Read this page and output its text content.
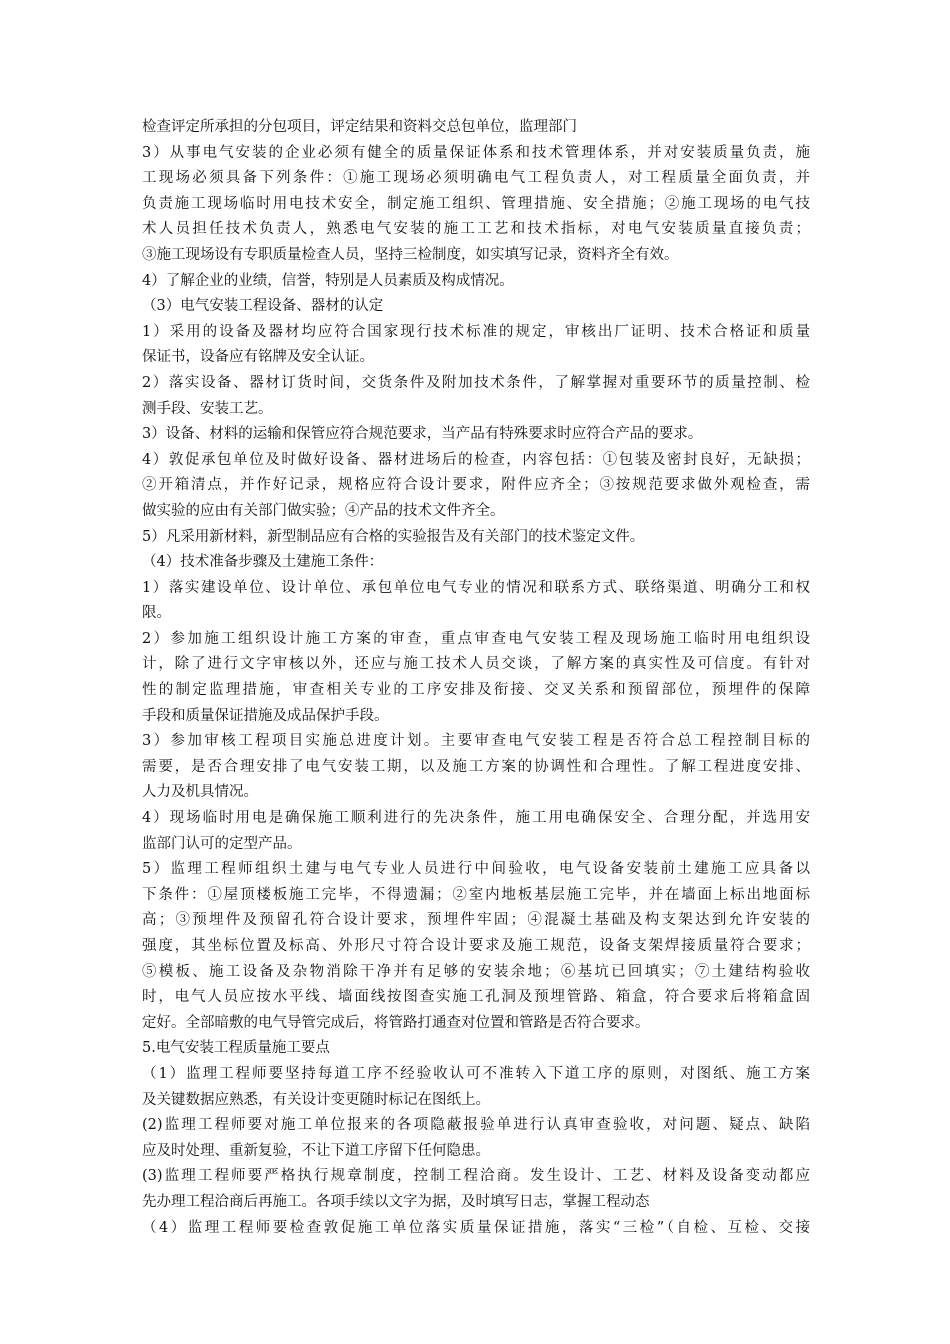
检查评定所承担的分包项目，评定结果和资料交总包单位，监理部门
3）从事电气安装的企业必须有健全的质量保证体系和技术管理体系，并对安装质量负责，施
工现场必须具备下列条件：①施工现场必须明确电气工程负责人，对工程质量全面负责，并
负责施工现场临时用电技术安全，制定施工组织、管理措施、安全措施；②施工现场的电气技
术人员担任技术负责人，熟悉电气安装的施工工艺和技术指标，对电气安装质量直接负责；
③施工现场设有专职质量检查人员，坚持三检制度，如实填写记录，资料齐全有效。
4）了解企业的业绩，信誉，特别是人员素质及构成情况。
（3）电气安装工程设备、器材的认定
1）采用的设备及器材均应符合国家现行技术标准的规定，审核出厂证明、技术合格证和质量
保证书，设备应有铭牌及安全认证。
2）落实设备、器材订货时间，交货条件及附加技术条件，了解掌握对重要环节的质量控制、检
测手段、安装工艺。
3）设备、材料的运输和保管应符合规范要求，当产品有特殊要求时应符合产品的要求。
4）敦促承包单位及时做好设备、器材进场后的检查，内容包括：①包装及密封良好，无缺损；
②开箱清点，并作好记录，规格应符合设计要求，附件应齐全；③按规范要求做外观检查，需
做实验的应由有关部门做实验；④产品的技术文件齐全。
5）凡采用新材料，新型制品应有合格的实验报告及有关部门的技术鉴定文件。
（4）技术准备步骤及土建施工条件：
1）落实建设单位、设计单位、承包单位电气专业的情况和联系方式、联络渠道、明确分工和权
限。
2）参加施工组织设计施工方案的审查，重点审查电气安装工程及现场施工临时用电组织设
计，除了进行文字审核以外，还应与施工技术人员交谈，了解方案的真实性及可信度。有针对
性的制定监理措施，审查相关专业的工序安排及衔接、交叉关系和预留部位，预埋件的保障
手段和质量保证措施及成品保护手段。
3）参加审核工程项目实施总进度计划。主要审查电气安装工程是否符合总工程控制目标的
需要，是否合理安排了电气安装工期，以及施工方案的协调性和合理性。了解工程进度安排、
人力及机具情况。
4）现场临时用电是确保施工顺利进行的先决条件，施工用电确保安全、合理分配，并选用安
监部门认可的定型产品。
5）监理工程师组织土建与电气专业人员进行中间验收，电气设备安装前土建施工应具备以
下条件：①屋顶楼板施工完毕，不得遗漏；②室内地板基层施工完毕，并在墙面上标出地面标
高；③预埋件及预留孔符合设计要求，预埋件牢固；④混凝土基础及构支架达到允许安装的
强度，其坐标位置及标高、外形尺寸符合设计要求及施工规范，设备支架焊接质量符合要求；
⑤模板、施工设备及杂物消除干净并有足够的安装余地；⑥基坑已回填实；⑦土建结构验收
时，电气人员应按水平线、墙面线按图查实施工孔洞及预埋管路、箱盒，符合要求后将箱盒固
定好。全部暗敷的电气导管完成后，将管路打通查对位置和管路是否符合要求。
5.电气安装工程质量施工要点
（1）监理工程师要坚持每道工序不经验收认可不准转入下道工序的原则，对图纸、施工方案
及关键数据应熟悉，有关设计变更随时标记在图纸上。
(2)监理工程师要对施工单位报来的各项隐蔽报验单进行认真审查验收，对问题、疑点、缺陷
应及时处理、重新复验，不让下道工序留下任何隐患。
(3)监理工程师要严格执行规章制度，控制工程洽商。发生设计、工艺、材料及设备变动都应
先办理工程洽商后再施工。各项手续以文字为据，及时填写日志，掌握工程动态
（4）监理工程师要检查敦促施工单位落实质量保证措施，落实“三检”（自检、互检、交接
